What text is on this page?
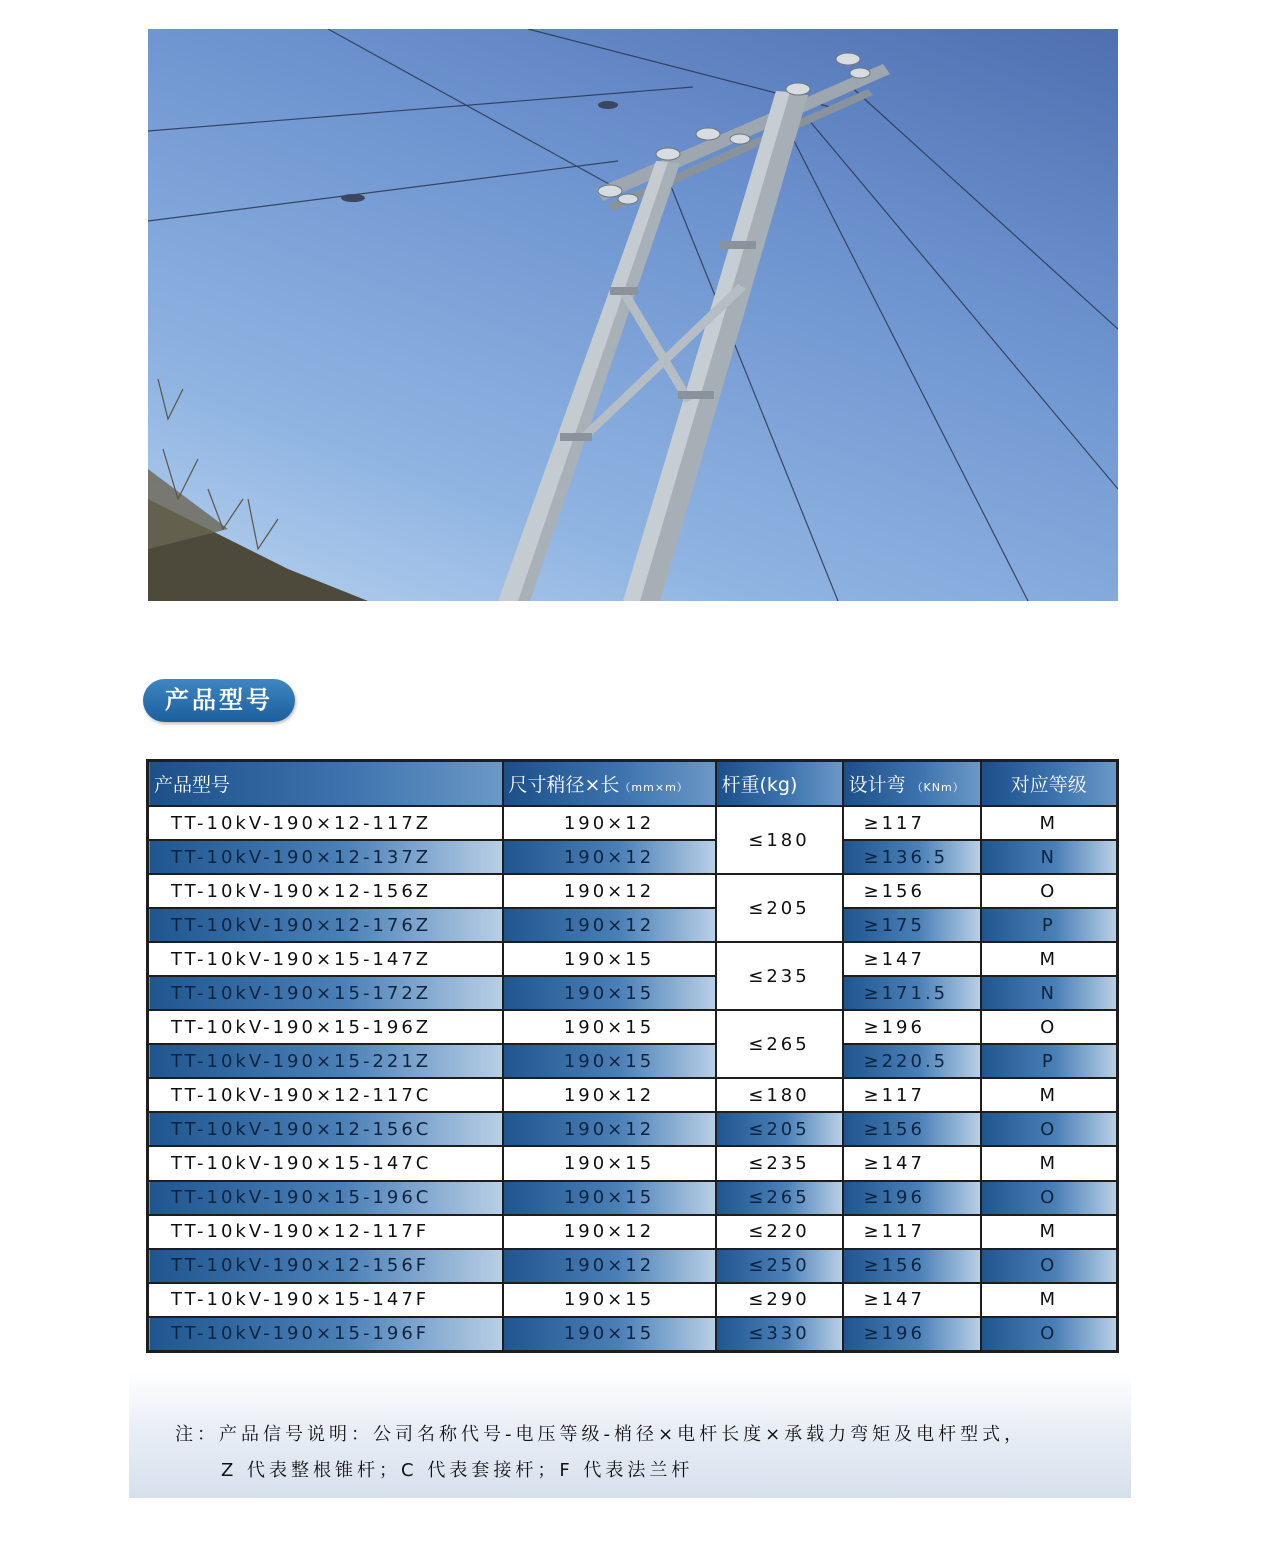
产品型号
产品型号	尺寸稍径×长（mm×m）	杆重(kg)	设计弯 （KNm）	对应等级
TT-10kV-190×12-117Z	190×12	≤180	≥117	M
TT-10kV-190×12-137Z	190×12		≥136.5	N
TT-10kV-190×12-156Z	190×12	≤205	≥156	O
TT-10kV-190×12-176Z	190×12		≥175	P
TT-10kV-190×15-147Z	190×15	≤235	≥147	M
TT-10kV-190×15-172Z	190×15		≥171.5	N
TT-10kV-190×15-196Z	190×15	≤265	≥196	O
TT-10kV-190×15-221Z	190×15		≥220.5	P
TT-10kV-190×12-117C	190×12	≤180	≥117	M
TT-10kV-190×12-156C	190×12	≤205	≥156	O
TT-10kV-190×15-147C	190×15	≤235	≥147	M
TT-10kV-190×15-196C	190×15	≤265	≥196	O
TT-10kV-190×12-117F	190×12	≤220	≥117	M
TT-10kV-190×12-156F	190×12	≤250	≥156	O
TT-10kV-190×15-147F	190×15	≤290	≥147	M
TT-10kV-190×15-196F	190×15	≤330	≥196	O
注：产品信号说明：公司名称代号-电压等级-梢径×电杆长度×承载力弯矩及电杆型式，
Z 代表整根锥杆；C 代表套接杆；F 代表法兰杆
